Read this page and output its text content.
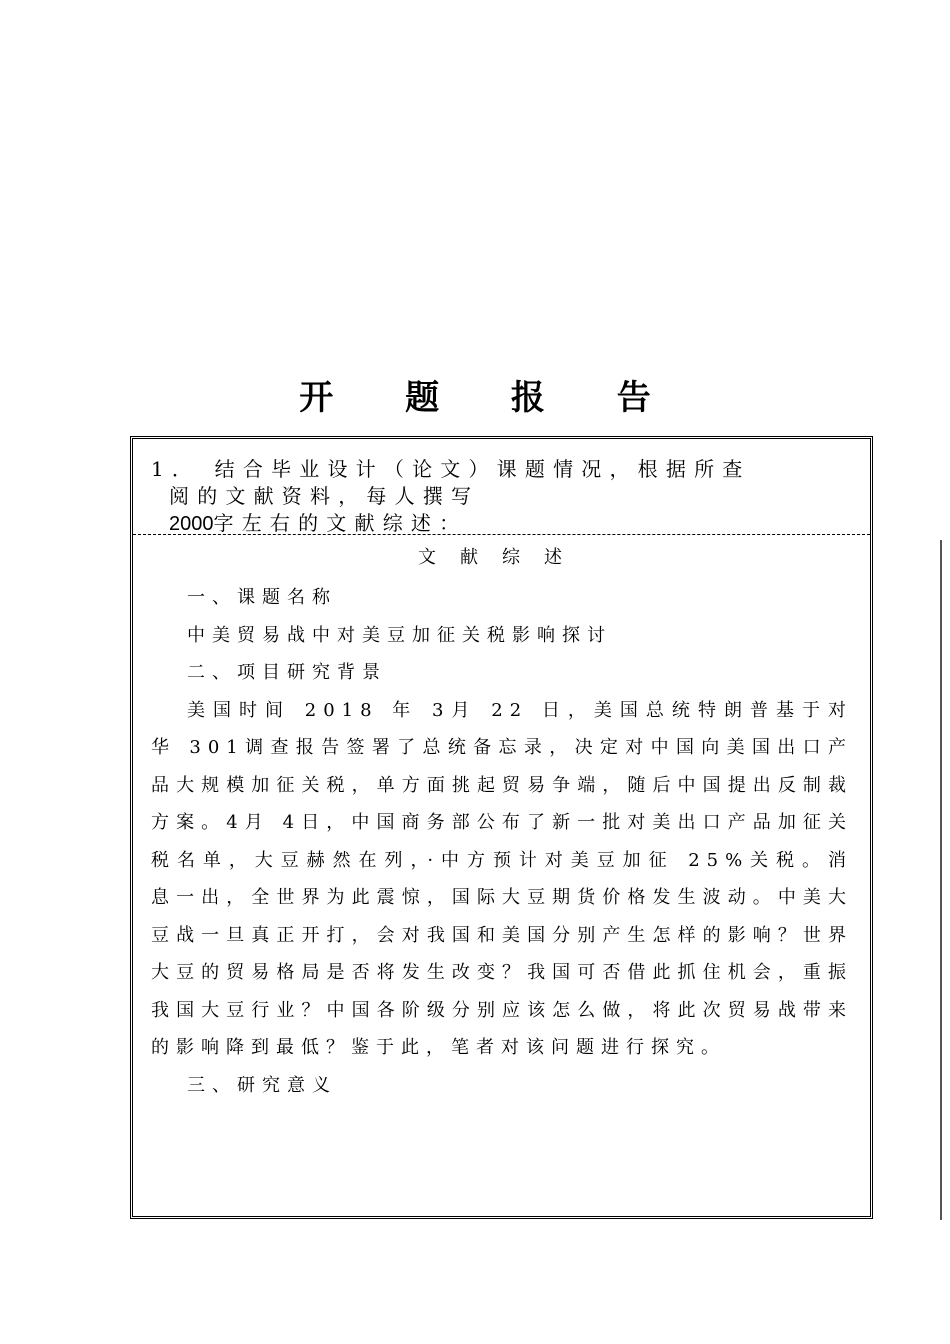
开 题 报 告
1． 结合毕业设计（论文）课题情况，根据所查
阅的文献资料，每人撰写
2000字左右的文献综述：
文献综述
一、课题名称
中美贸易战中对美豆加征关税影响探讨
二、项目研究背景
美国时间 2018 年 3月 22 日，美国总统特朗普基于对华 301调查报告签署了总统备忘录，决定对中国向美国出口产品大规模加征关税，单方面挑起贸易争端，随后中国提出反制裁方案。4月 4日，中国商务部公布了新一批对美出口产品加征关税名单，大豆赫然在列，·中方预计对美豆加征 25%关税。消息一出，全世界为此震惊，国际大豆期货价格发生波动。中美大豆战一旦真正开打，会对我国和美国分别产生怎样的影响？世界大豆的贸易格局是否将发生改变？我国可否借此抓住机会，重振我国大豆行业？中国各阶级分别应该怎么做，将此次贸易战带来的影响降到最低？鉴于此，笔者对该问题进行探究。
三、研究意义
